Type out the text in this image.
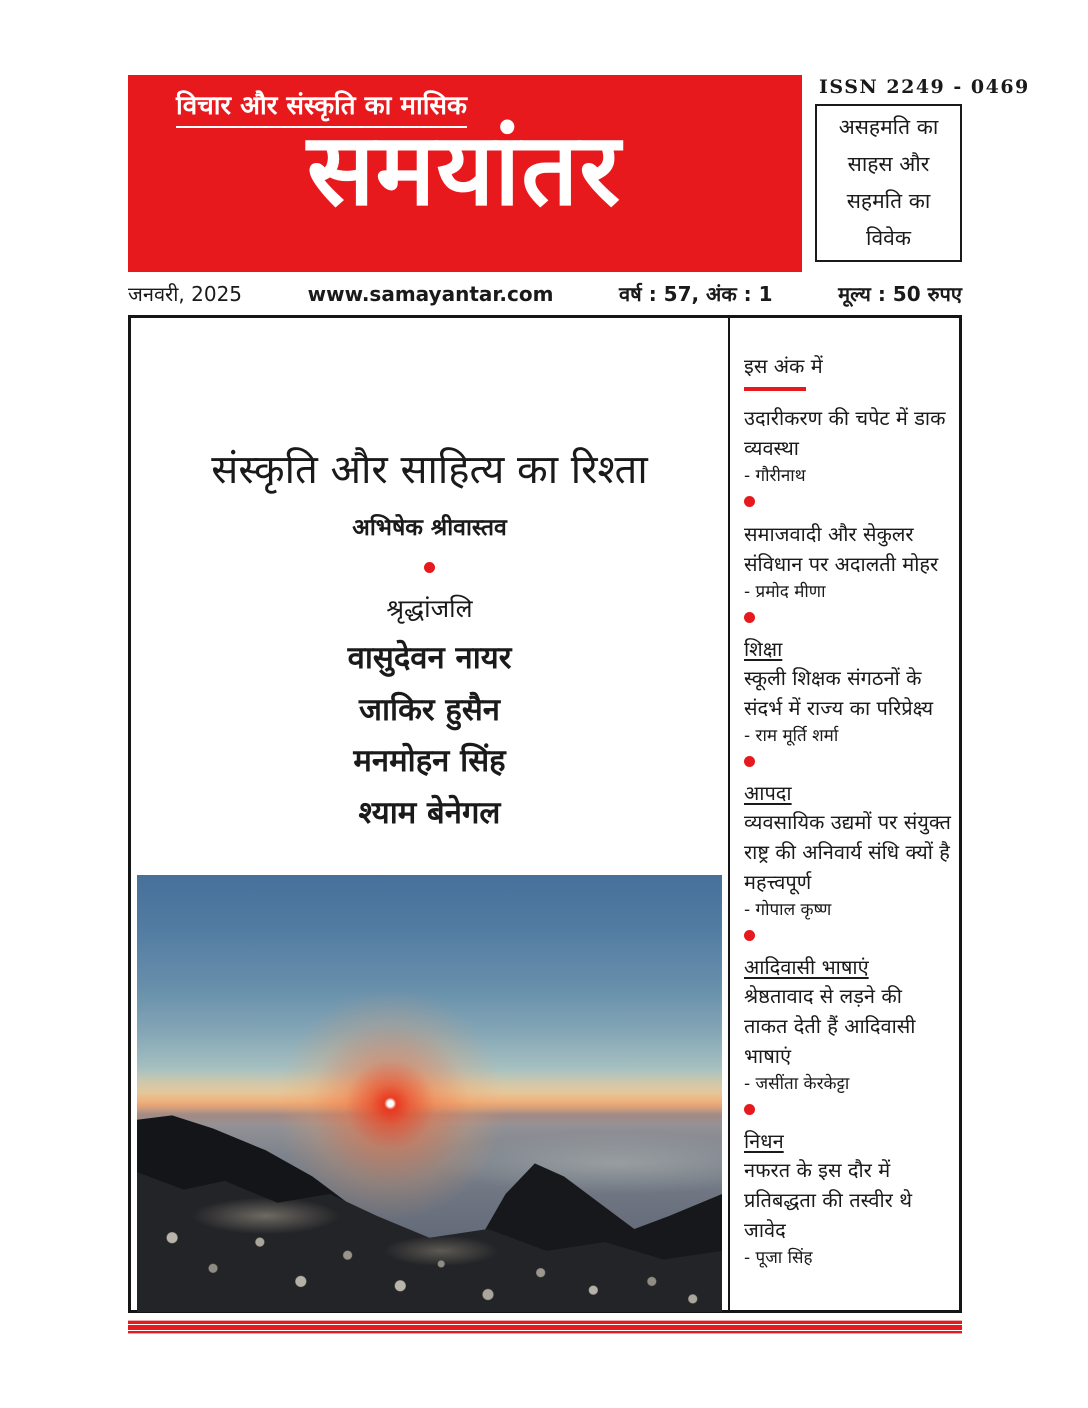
ISSN 2249 - 0469
विचार और संस्कृति का मासिक
समयांतर	असहमति का
साहस और
सहमति का
विवेक
जनवरी, 2025	www.samayantar.com	वर्ष : 57, अंक : 1	मूल्य : 50 रुपए
संस्कृति और साहित्य का रिश्ता
अभिषेक श्रीवास्तव
श्रृद्धांजलि
वासुदेवन नायर
जाकिर हुसैन
मनमोहन सिंह
श्याम बेनेगल
इस अंक में
उदारीकरण की चपेट में डाक व्यवस्था
- गौरीनाथ
समाजवादी और सेकुलर संविधान पर अदालती मोहर
- प्रमोद मीणा
शिक्षा
स्कूली शिक्षक संगठनों के संदर्भ में राज्य का परिप्रेक्ष्य
- राम मूर्ति शर्मा
आपदा
व्यवसायिक उद्यमों पर संयुक्त राष्ट्र की अनिवार्य संधि क्यों है महत्त्वपूर्ण
- गोपाल कृष्ण
आदिवासी भाषाएं
श्रेष्ठतावाद से लड़ने की ताकत देती हैं आदिवासी भाषाएं
- जसींता केरकेट्टा
निधन
नफरत के इस दौर में प्रतिबद्धता की तस्वीर थे जावेद
- पूजा सिंह
